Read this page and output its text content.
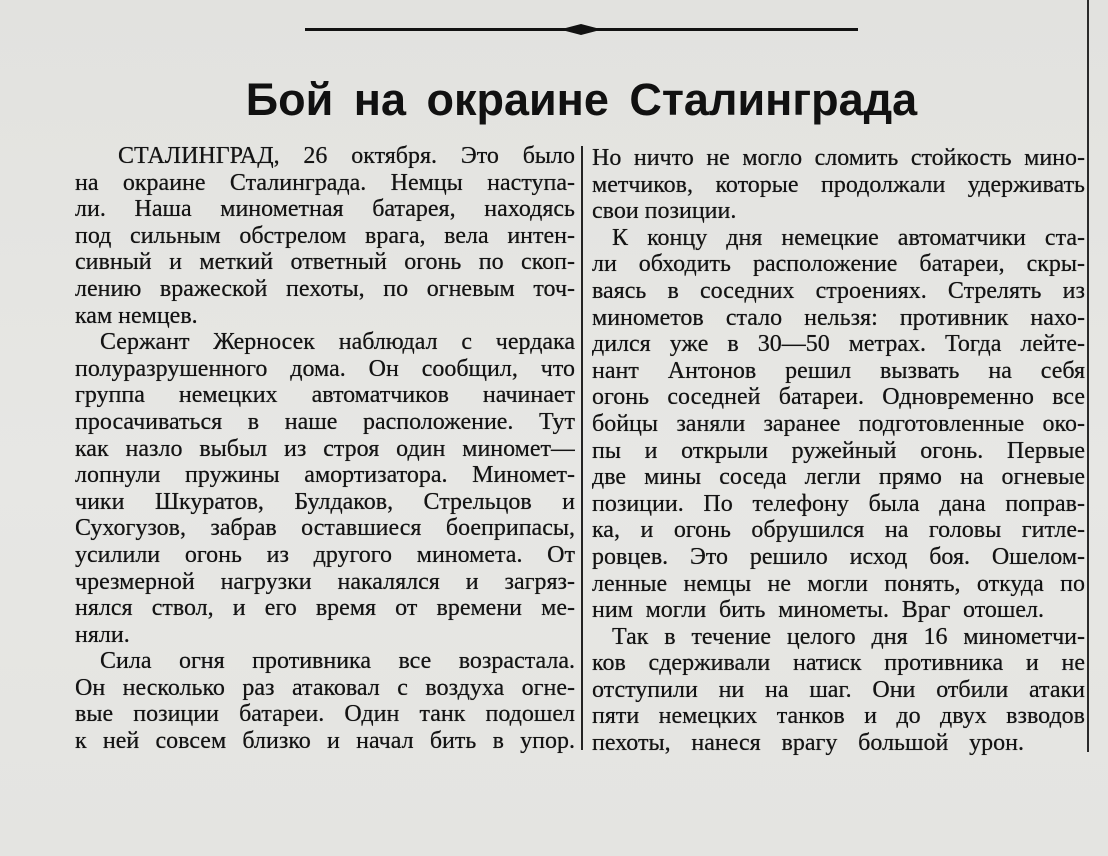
Бой на окраине Сталинграда
СТАЛИНГРАД, 26 октября. Это было
на окраине Сталинграда. Немцы наступа-
ли. Наша минометная батарея, находясь
под сильным обстрелом врага, вела интен-
сивный и меткий ответный огонь по скоп-
лению вражеской пехоты, по огневым точ-
кам немцев.
Сержант Жерносек наблюдал с чердака
полуразрушенного дома. Он сообщил, что
группа немецких автоматчиков начинает
просачиваться в наше расположение. Тут
как назло выбыл из строя один миномет—
лопнули пружины амортизатора. Миномет-
чики Шкуратов, Булдаков, Стрельцов и
Сухогузов, забрав оставшиеся боеприпасы,
усилили огонь из другого миномета. От
чрезмерной нагрузки накалялся и загряз-
нялся ствол, и его время от времени ме-
няли.
Сила огня противника все возрастала.
Он несколько раз атаковал с воздуха огне-
вые позиции батареи. Один танк подошел
к ней совсем близко и начал бить в упор.
Но ничто не могло сломить стойкость мино-
метчиков, которые продолжали удерживать
свои позиции.
К концу дня немецкие автоматчики ста-
ли обходить расположение батареи, скры-
ваясь в соседних строениях. Стрелять из
минометов стало нельзя: противник нахо-
дился уже в 30—50 метрах. Тогда лейте-
нант Антонов решил вызвать на себя
огонь соседней батареи. Одновременно все
бойцы заняли заранее подготовленные око-
пы и открыли ружейный огонь. Первые
две мины соседа легли прямо на огневые
позиции. По телефону была дана поправ-
ка, и огонь обрушился на головы гитле-
ровцев. Это решило исход боя. Ошелом-
ленные немцы не могли понять, откуда по
ним могли бить минометы. Враг отошел.
Так в течение целого дня 16 минометчи-
ков сдерживали натиск противника и не
отступили ни на шаг. Они отбили атаки
пяти немецких танков и до двух взводов
пехоты, нанеся врагу большой урон.
